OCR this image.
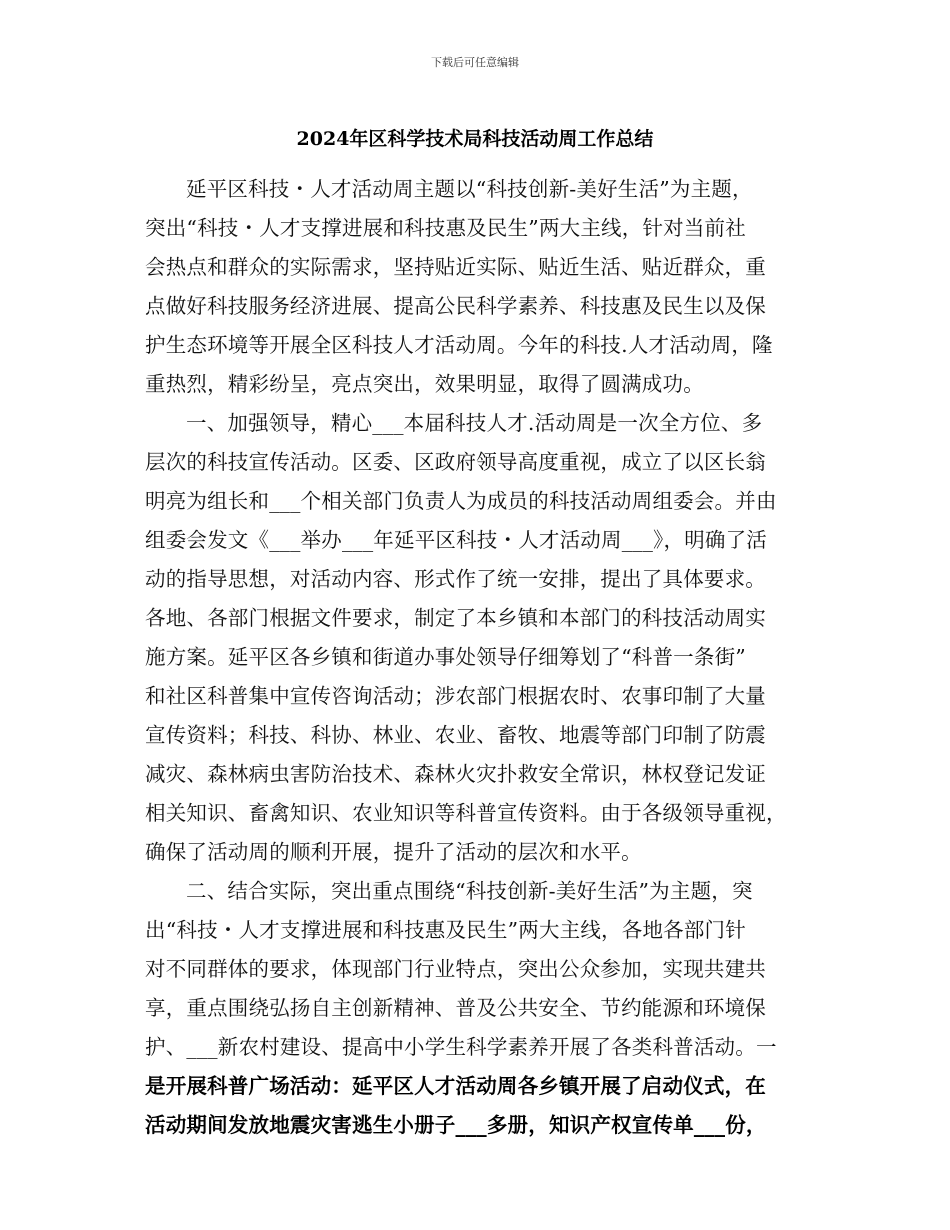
下载后可任意编辑
2024年区科学技术局科技活动周工作总结
延平区科技・人才活动周主题以“科技创新-美好生活”为主题，
突出“科技・人才支撑进展和科技惠及民生”两大主线，针对当前社
会热点和群众的实际需求，坚持贴近实际、贴近生活、贴近群众，重
点做好科技服务经济进展、提高公民科学素养、科技惠及民生以及保
护生态环境等开展全区科技人才活动周。今年的科技.人才活动周，隆
重热烈，精彩纷呈，亮点突出，效果明显，取得了圆满成功。
一、加强领导，精心___本届科技人才.活动周是一次全方位、多
层次的科技宣传活动。区委、区政府领导高度重视，成立了以区长翁
明亮为组长和___个相关部门负责人为成员的科技活动周组委会。并由
组委会发文《___举办___年延平区科技・人才活动周___》，明确了活
动的指导思想，对活动内容、形式作了统一安排，提出了具体要求。
各地、各部门根据文件要求，制定了本乡镇和本部门的科技活动周实
施方案。延平区各乡镇和街道办事处领导仔细筹划了“科普一条街”
和社区科普集中宣传咨询活动；涉农部门根据农时、农事印制了大量
宣传资料；科技、科协、林业、农业、畜牧、地震等部门印制了防震
减灾、森林病虫害防治技术、森林火灾扑救安全常识，林权登记发证
相关知识、畜禽知识、农业知识等科普宣传资料。由于各级领导重视，
确保了活动周的顺利开展，提升了活动的层次和水平。
二、结合实际，突出重点围绕“科技创新-美好生活”为主题，突
出“科技・人才支撑进展和科技惠及民生”两大主线，各地各部门针
对不同群体的要求，体现部门行业特点，突出公众参加，实现共建共
享，重点围绕弘扬自主创新精神、普及公共安全、节约能源和环境保
护、___新农村建设、提高中小学生科学素养开展了各类科普活动。一
是开展科普广场活动：延平区人才活动周各乡镇开展了启动仪式，在
活动期间发放地震灾害逃生小册子___多册，知识产权宣传单___份，
